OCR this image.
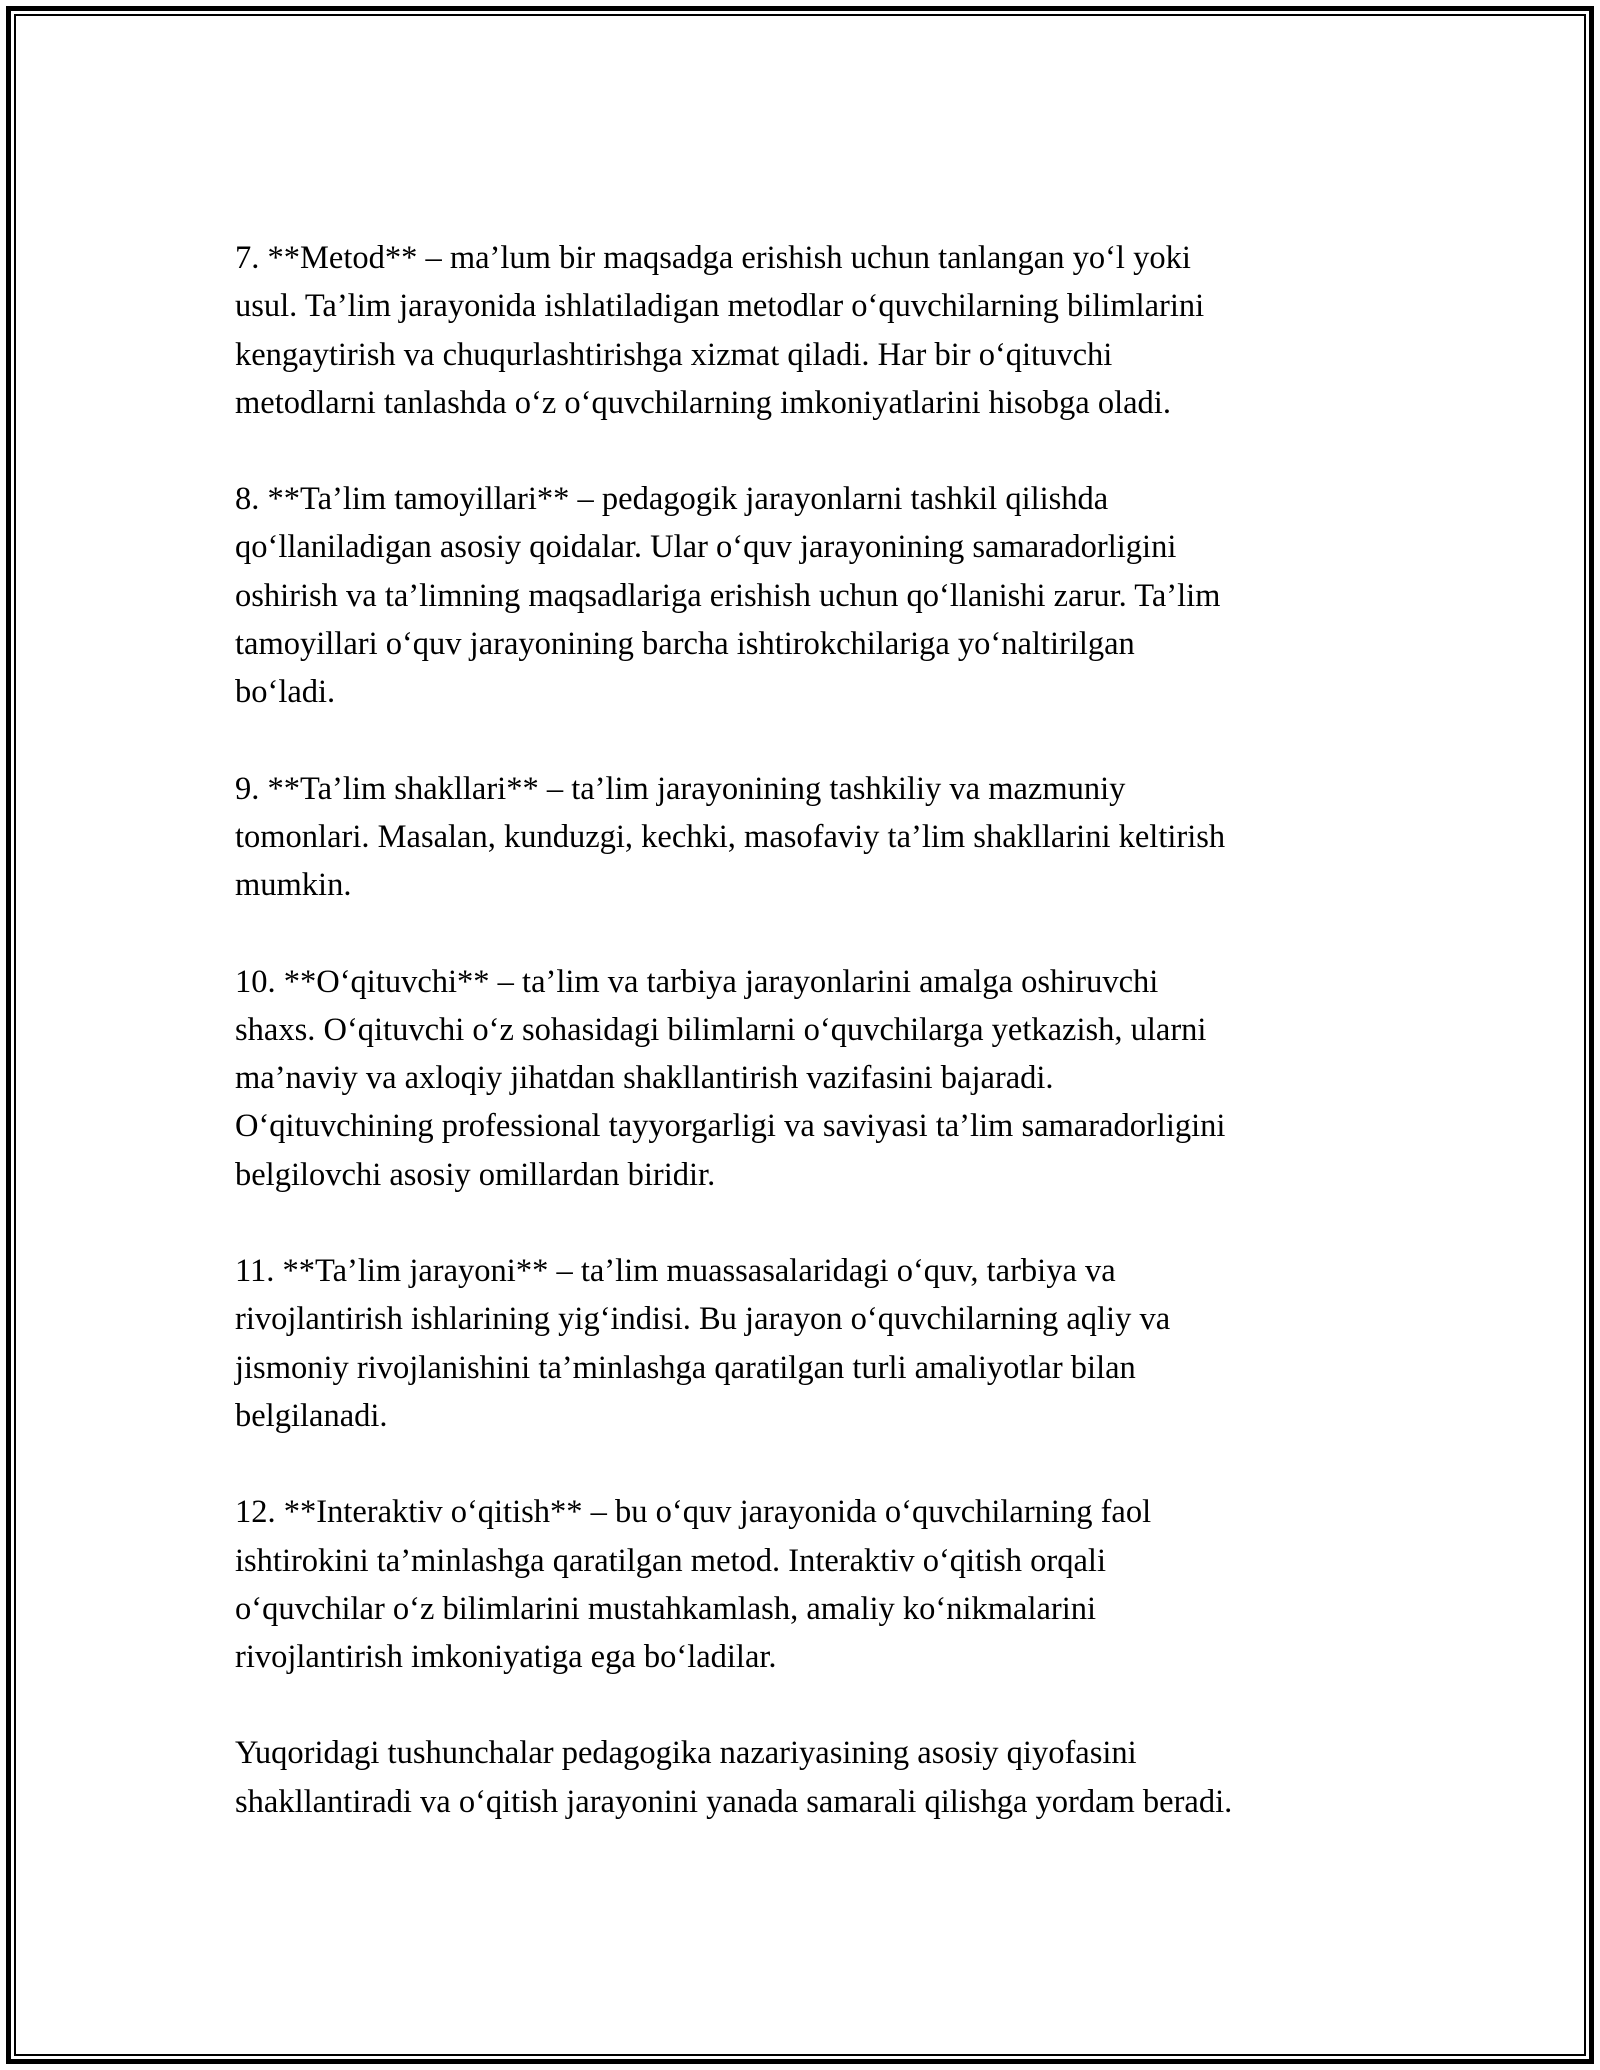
7. **Metod** – ma’lum bir maqsadga erishish uchun tanlangan yo‘l yoki
usul. Ta’lim jarayonida ishlatiladigan metodlar o‘quvchilarning bilimlarini
kengaytirish va chuqurlashtirishga xizmat qiladi. Har bir o‘qituvchi
metodlarni tanlashda o‘z o‘quvchilarning imkoniyatlarini hisobga oladi.

8. **Ta’lim tamoyillari** – pedagogik jarayonlarni tashkil qilishda
qo‘llaniladigan asosiy qoidalar. Ular o‘quv jarayonining samaradorligini
oshirish va ta’limning maqsadlariga erishish uchun qo‘llanishi zarur. Ta’lim
tamoyillari o‘quv jarayonining barcha ishtirokchilariga yo‘naltirilgan
bo‘ladi.

9. **Ta’lim shakllari** – ta’lim jarayonining tashkiliy va mazmuniy
tomonlari. Masalan, kunduzgi, kechki, masofaviy ta’lim shakllarini keltirish
mumkin.

10. **O‘qituvchi** – ta’lim va tarbiya jarayonlarini amalga oshiruvchi
shaxs. O‘qituvchi o‘z sohasidagi bilimlarni o‘quvchilarga yetkazish, ularni
ma’naviy va axloqiy jihatdan shakllantirish vazifasini bajaradi.
O‘qituvchining professional tayyorgarligi va saviyasi ta’lim samaradorligini
belgilovchi asosiy omillardan biridir.

11. **Ta’lim jarayoni** – ta’lim muassasalaridagi o‘quv, tarbiya va
rivojlantirish ishlarining yig‘indisi. Bu jarayon o‘quvchilarning aqliy va
jismoniy rivojlanishini ta’minlashga qaratilgan turli amaliyotlar bilan
belgilanadi.

12. **Interaktiv o‘qitish** – bu o‘quv jarayonida o‘quvchilarning faol
ishtirokini ta’minlashga qaratilgan metod. Interaktiv o‘qitish orqali
o‘quvchilar o‘z bilimlarini mustahkamlash, amaliy ko‘nikmalarini
rivojlantirish imkoniyatiga ega bo‘ladilar.

Yuqoridagi tushunchalar pedagogika nazariyasining asosiy qiyofasini
shakllantiradi va o‘qitish jarayonini yanada samarali qilishga yordam beradi.
